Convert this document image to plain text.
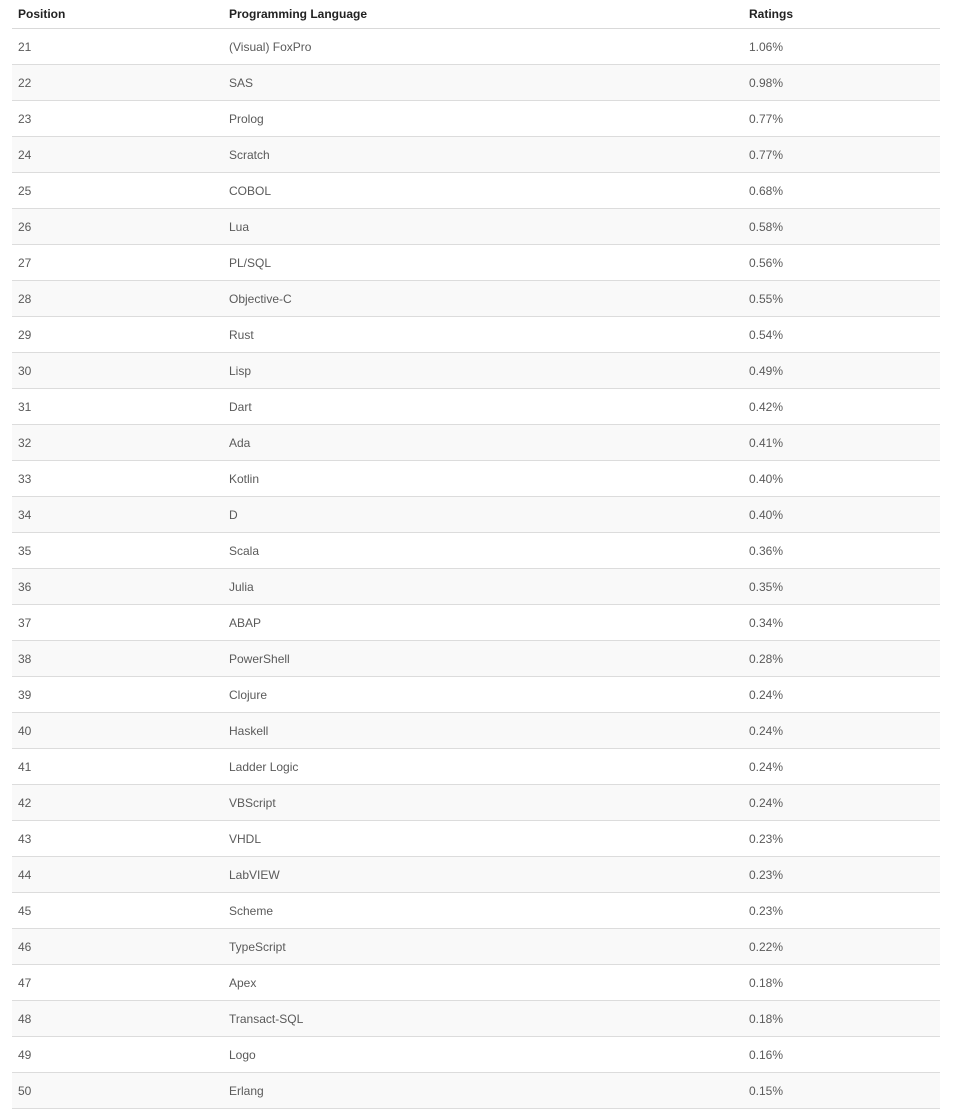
Position	Programming Language	Ratings
21	(Visual) FoxPro	1.06%
22	SAS	0.98%
23	Prolog	0.77%
24	Scratch	0.77%
25	COBOL	0.68%
26	Lua	0.58%
27	PL/SQL	0.56%
28	Objective-C	0.55%
29	Rust	0.54%
30	Lisp	0.49%
31	Dart	0.42%
32	Ada	0.41%
33	Kotlin	0.40%
34	D	0.40%
35	Scala	0.36%
36	Julia	0.35%
37	ABAP	0.34%
38	PowerShell	0.28%
39	Clojure	0.24%
40	Haskell	0.24%
41	Ladder Logic	0.24%
42	VBScript	0.24%
43	VHDL	0.23%
44	LabVIEW	0.23%
45	Scheme	0.23%
46	TypeScript	0.22%
47	Apex	0.18%
48	Transact-SQL	0.18%
49	Logo	0.16%
50	Erlang	0.15%
